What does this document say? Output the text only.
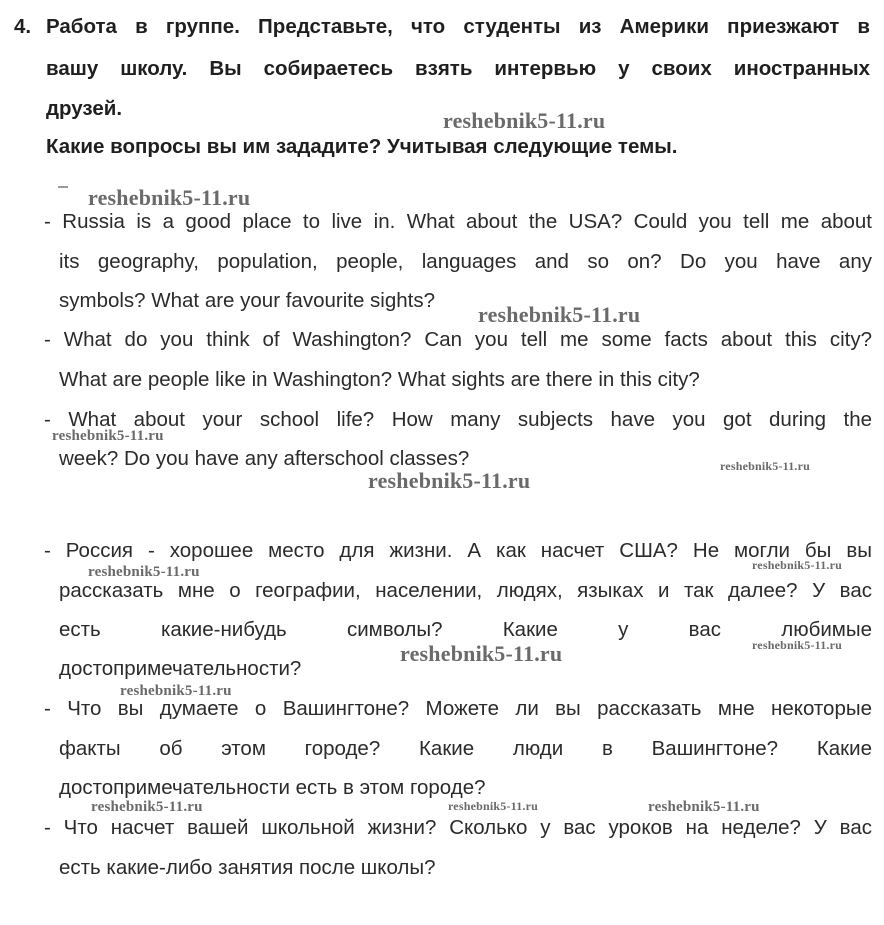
4. Работа в группе. Представьте, что студенты из Америки приезжают в
вашу школу. Вы собираетесь взять интервью у своих иностранных
друзей.
Какие вопросы вы им зададите? Учитывая следующие темы.
- Russia is a good place to live in. What about the USA? Could you tell me about
its geography, population, people, languages and so on? Do you have any
symbols? What are your favourite sights?
- What do you think of Washington? Can you tell me some facts about this city?
What are people like in Washington? What sights are there in this city?
- What about your school life? How many subjects have you got during the
week? Do you have any afterschool classes?
- Россия - хорошее место для жизни. А как насчет США? Не могли бы вы
рассказать мне о географии, населении, людях, языках и так далее? У вас
есть какие-нибудь символы? Какие у вас любимые
достопримечательности?
- Что вы думаете о Вашингтоне? Можете ли вы рассказать мне некоторые
факты об этом городе? Какие люди в Вашингтоне? Какие
достопримечательности есть в этом городе?
- Что насчет вашей школьной жизни? Сколько у вас уроков на неделе? У вас
есть какие-либо занятия после школы?
reshebnik5-11.ru
reshebnik5-11.ru
reshebnik5-11.ru
reshebnik5-11.ru
reshebnik5-11.ru
reshebnik5-11.ru
reshebnik5-11.ru	reshebnik5-11.ru
reshebnik5-11.ru	reshebnik5-11.ru
reshebnik5-11.ru
reshebnik5-11.ru	reshebnik5-11.ru	reshebnik5-11.ru
